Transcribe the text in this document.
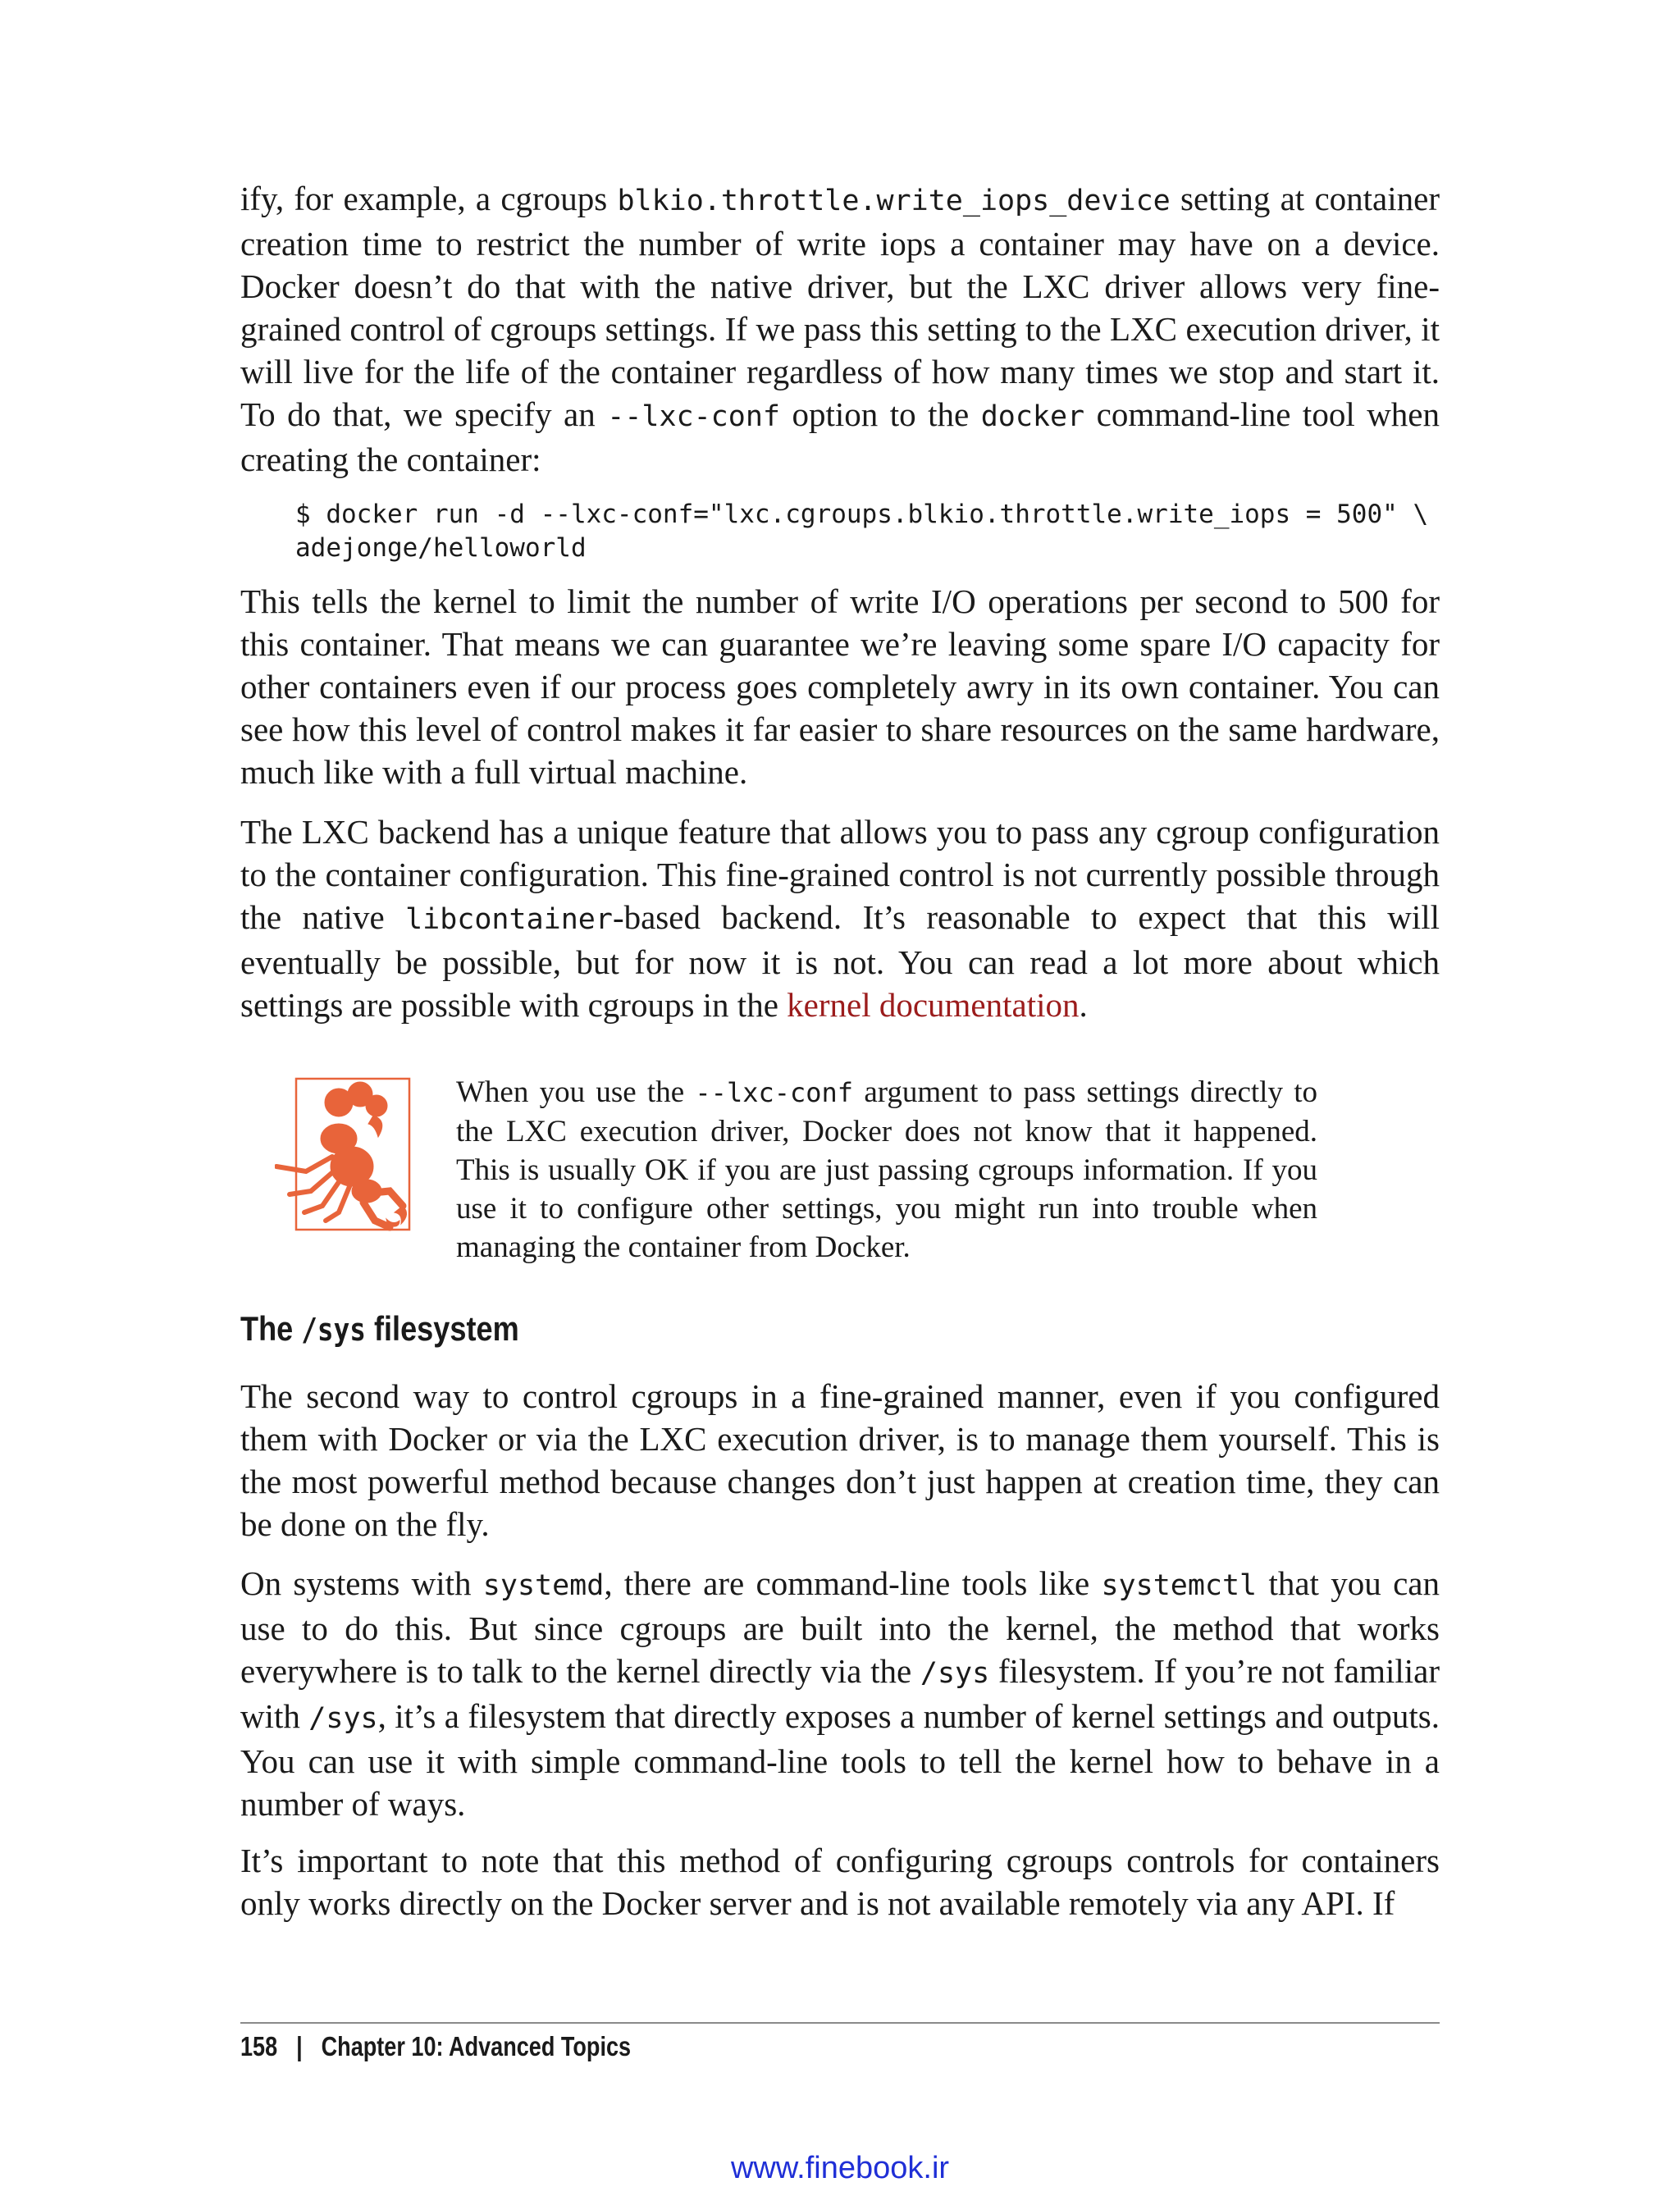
ify, for example, a cgroups blkio.throttle.write_iops_device setting at container creation time to restrict the number of write iops a container may have on a device. Docker doesn’t do that with the native driver, but the LXC driver allows very fine-grained control of cgroups settings. If we pass this setting to the LXC execution driver, it will live for the life of the container regardless of how many times we stop and start it. To do that, we specify an --lxc-conf option to the docker command-line tool when creating the container:

$ docker run -d --lxc-conf="lxc.cgroups.blkio.throttle.write_iops = 500" \
adejonge/helloworld

This tells the kernel to limit the number of write I/O operations per second to 500 for this container. That means we can guarantee we’re leaving some spare I/O capacity for other containers even if our process goes completely awry in its own container. You can see how this level of control makes it far easier to share resources on the same hardware, much like with a full virtual machine.

The LXC backend has a unique feature that allows you to pass any cgroup configuration to the container configuration. This fine-grained control is not currently possible through the native libcontainer-based backend. It’s reasonable to expect that this will eventually be possible, but for now it is not. You can read a lot more about which settings are possible with cgroups in the kernel documentation.

When you use the --lxc-conf argument to pass settings directly to the LXC execution driver, Docker does not know that it happened. This is usually OK if you are just passing cgroups information. If you use it to configure other settings, you might run into trouble when managing the container from Docker.

The /sys filesystem

The second way to control cgroups in a fine-grained manner, even if you configured them with Docker or via the LXC execution driver, is to manage them yourself. This is the most powerful method because changes don’t just happen at creation time, they can be done on the fly.

On systems with systemd, there are command-line tools like systemctl that you can use to do this. But since cgroups are built into the kernel, the method that works everywhere is to talk to the kernel directly via the /sys filesystem. If you’re not familiar with /sys, it’s a filesystem that directly exposes a number of kernel settings and outputs. You can use it with simple command-line tools to tell the kernel how to behave in a number of ways.

It’s important to note that this method of configuring cgroups controls for containers only works directly on the Docker server and is not available remotely via any API. If

158 | Chapter 10: Advanced Topics
www.finebook.ir
